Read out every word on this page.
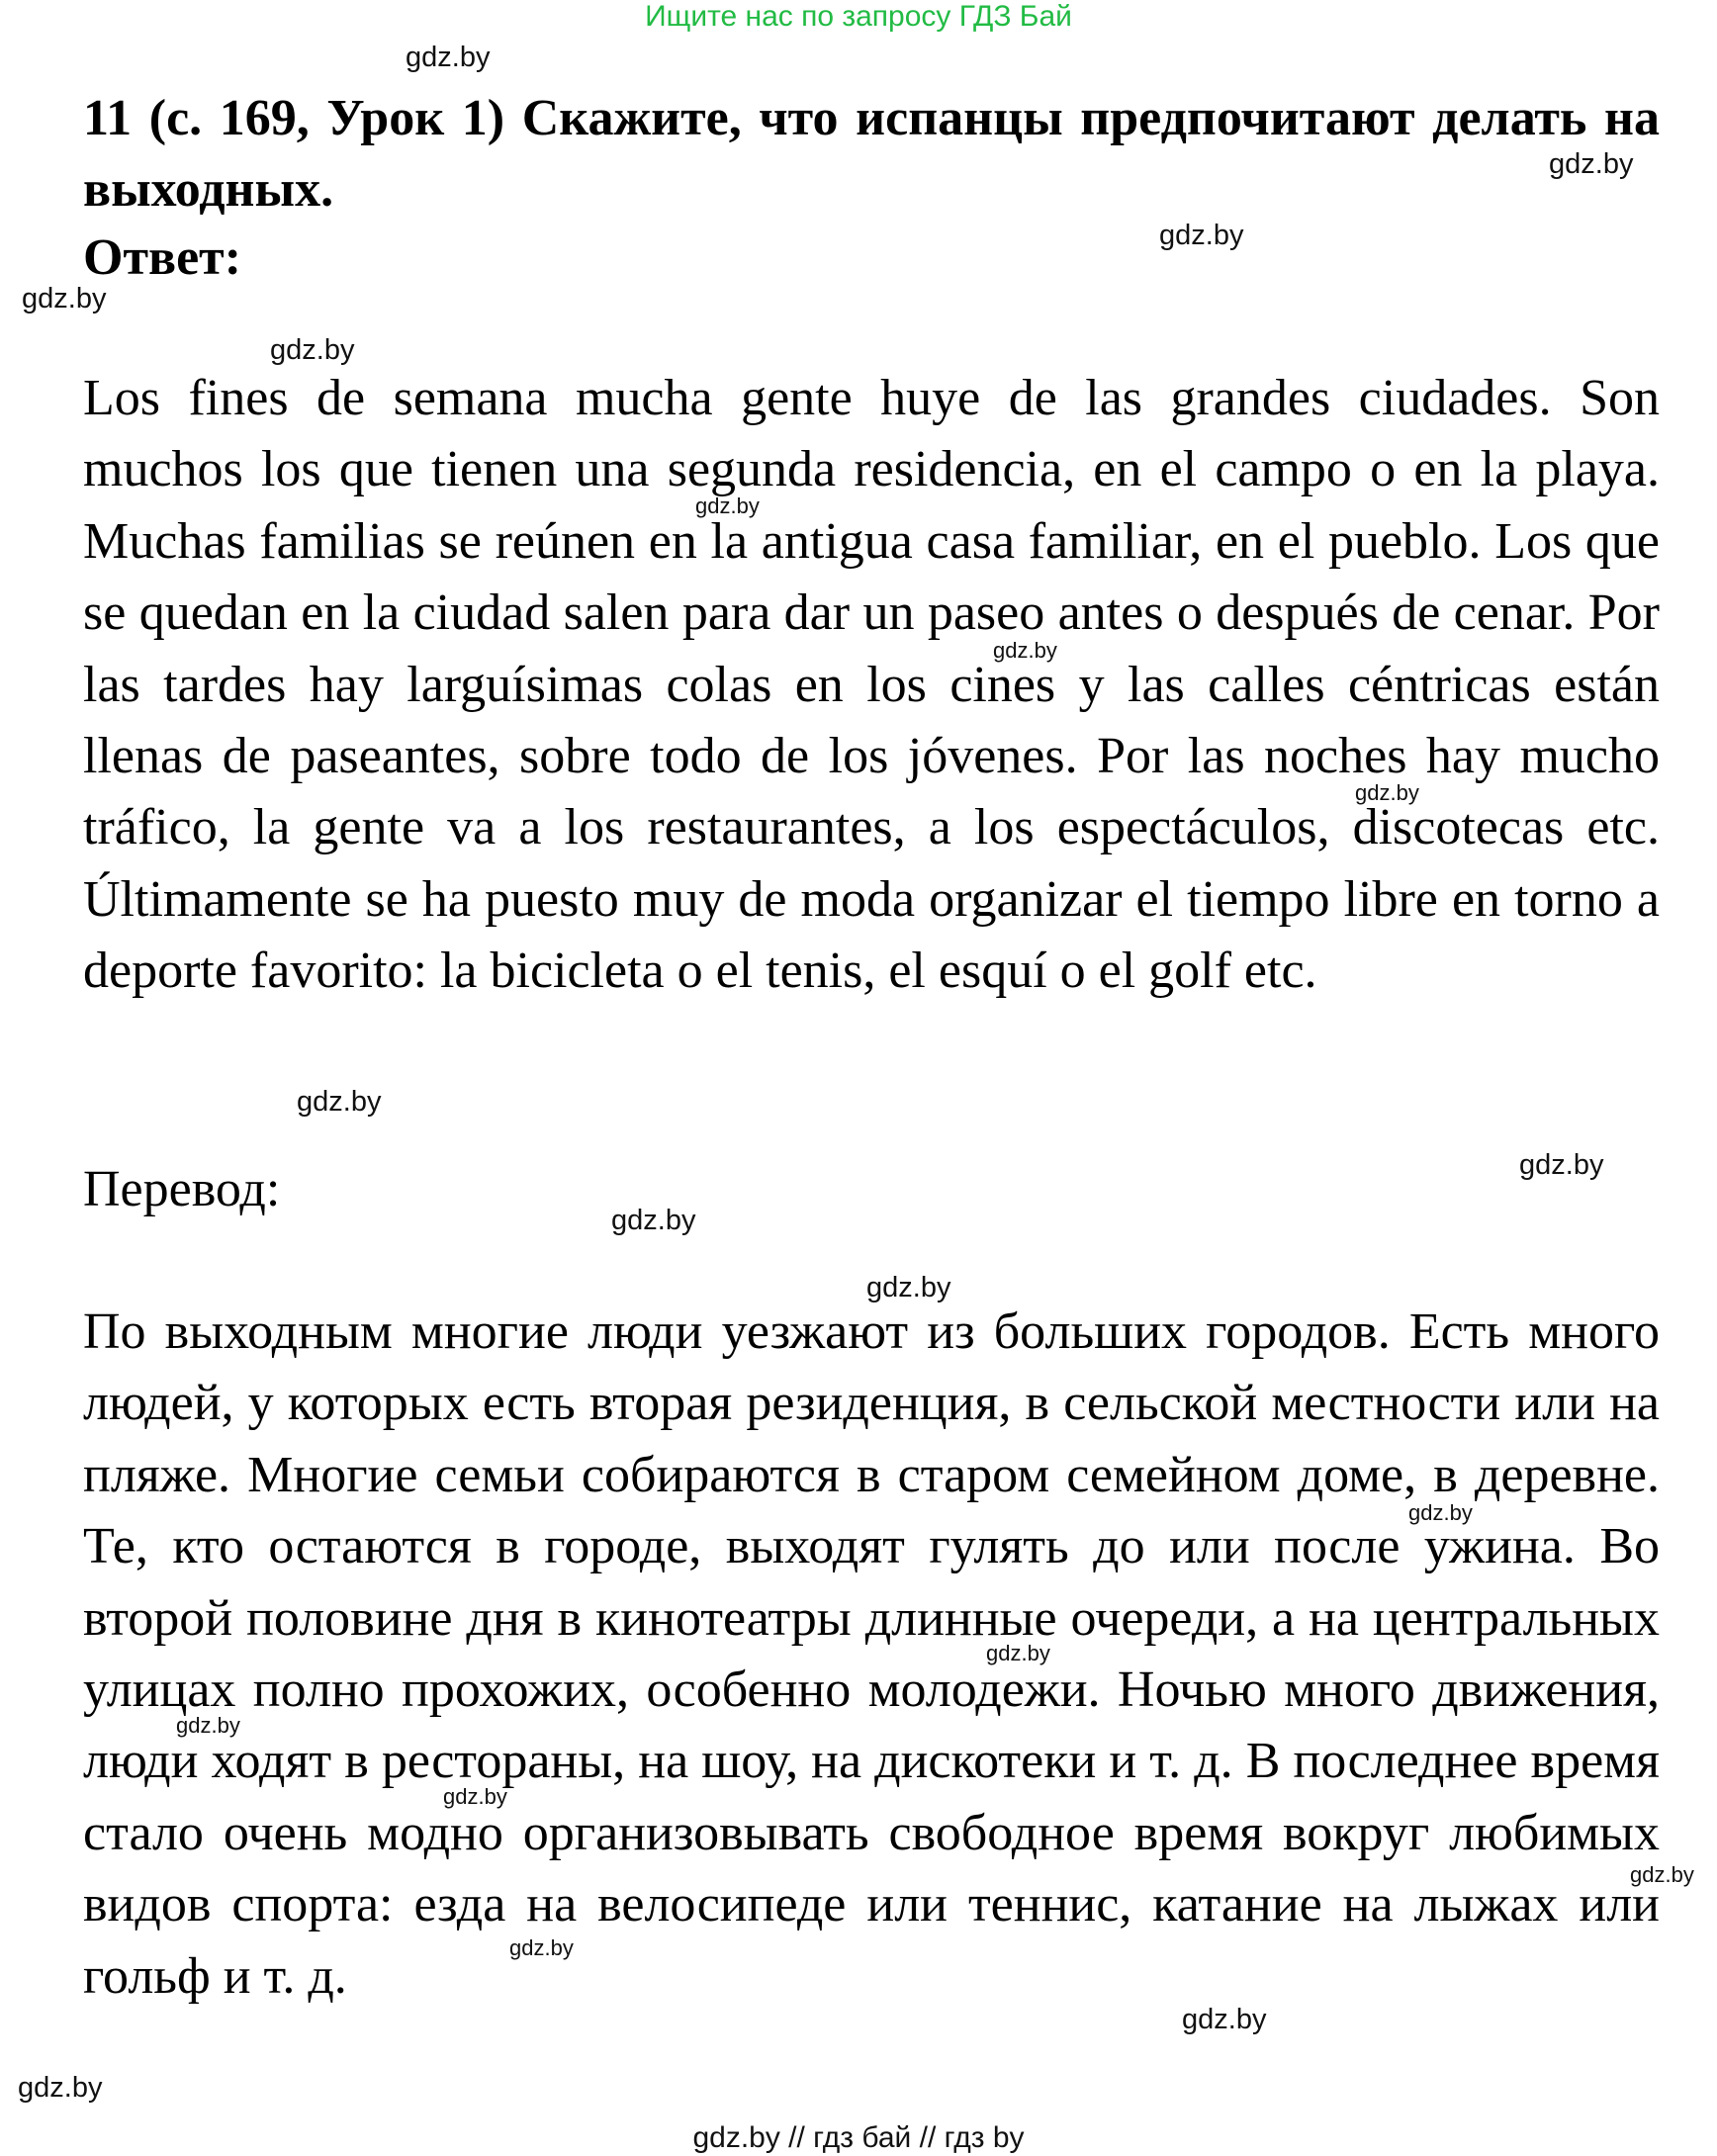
Ищите нас по запросу ГДЗ Бай
11 (с. 169, Урок 1) Скажите, что испанцы предпочитают делать на выходных.

Ответ:

Los fines de semana mucha gente huye de las grandes ciudades. Son muchos los que tienen una segunda residencia, en el campo o en la playa. Muchas familias se reúnen en la antigua casa familiar, en el pueblo. Los que se quedan en la ciudad salen para dar un paseo antes o después de cenar. Por las tardes hay larguísimas colas en los cines y las calles céntricas están llenas de paseantes, sobre todo de los jóvenes. Por las noches hay mucho tráfico, la gente va a los restaurantes, a los espectáculos, discotecas etc. Últimamente se ha puesto muy de moda organizar el tiempo libre en torno a deporte favorito: la bicicleta o el tenis, el esquí o el golf etc.

Перевод:

По выходным многие люди уезжают из больших городов. Есть много людей, у которых есть вторая резиденция, в сельской местности или на пляже. Многие семьи собираются в старом семейном доме, в деревне. Те, кто остаются в городе, выходят гулять до или после ужина. Во второй половине дня в кинотеатры длинные очереди, а на центральных улицах полно прохожих, особенно молодежи. Ночью много движения, люди ходят в рестораны, на шоу, на дискотеки и т. д. В последнее время стало очень модно организовывать свободное время вокруг любимых видов спорта: езда на велосипеде или теннис, катание на лыжах или гольф и т. д.

gdz.by
gdz.by
gdz.by
gdz.by
gdz.by
gdz.by
gdz.by
gdz.by
gdz.by
gdz.by
gdz.by
gdz.by
gdz.by
gdz.by
gdz.by
gdz.by
gdz.by
gdz.by
gdz.by
gdz.by
gdz.by // гдз бай // гдз by
